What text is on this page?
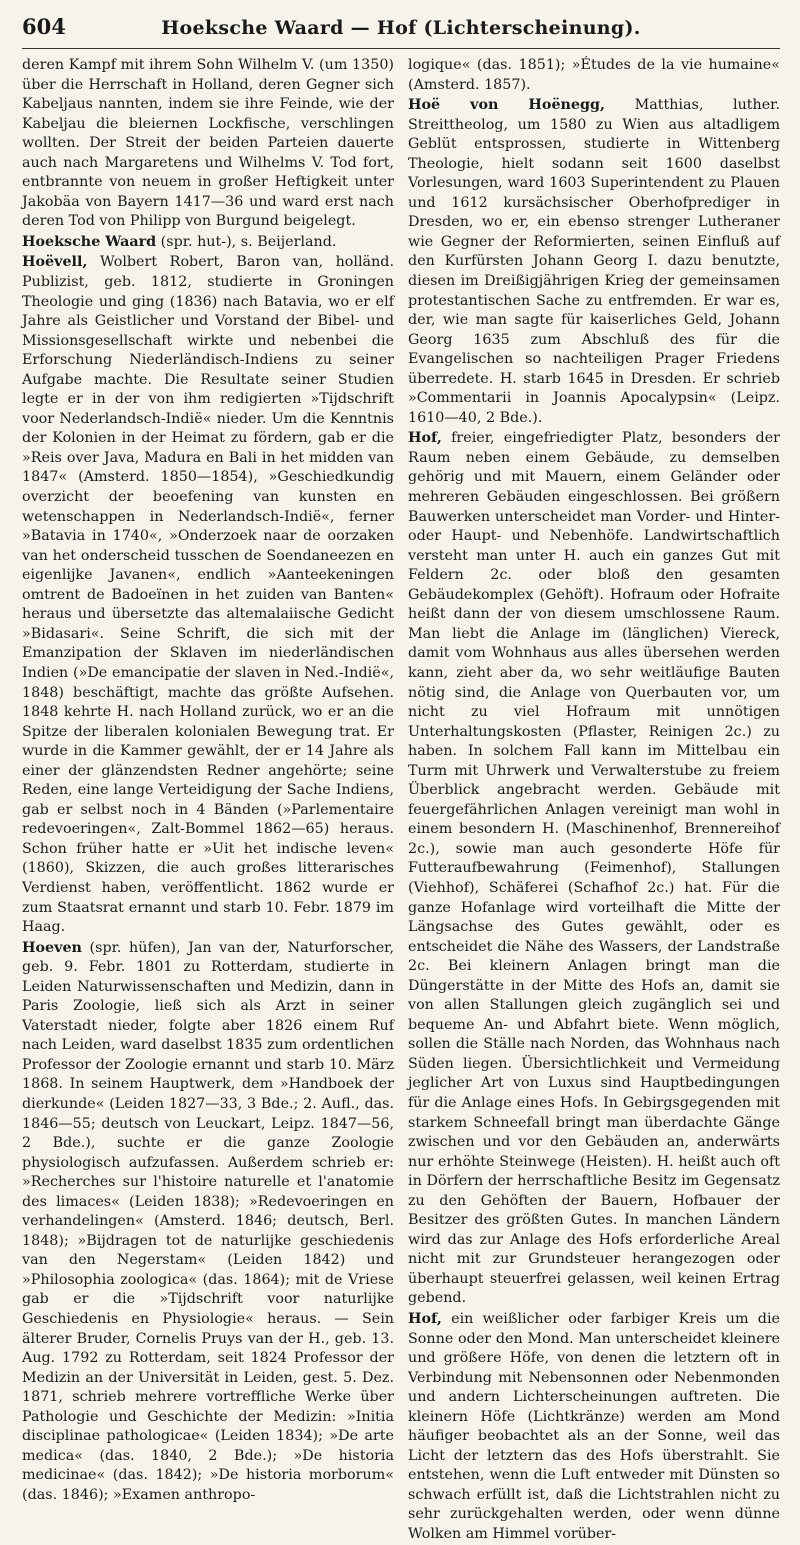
604	Hoeksche Waard — Hof (Lichterscheinung).

deren Kampf mit ihrem Sohn Wilhelm V. (um 1350) über die Herrschaft in Holland, deren Gegner sich Kabeljaus nannten, indem sie ihre Feinde, wie der Kabeljau die bleiernen Lockfische, verschlingen wollten. Der Streit der beiden Parteien dauerte auch nach Margaretens und Wilhelms V. Tod fort, entbrannte von neuem in großer Heftigkeit unter Jakobäa von Bayern 1417—36 und ward erst nach deren Tod von Philipp von Burgund beigelegt.

Hoeksche Waard (spr. hut-), s. Beijerland.

Hoëvell, Wolbert Robert, Baron van, holländ. Publizist, geb. 1812, studierte in Groningen Theologie und ging (1836) nach Batavia, wo er elf Jahre als Geistlicher und Vorstand der Bibel- und Missionsgesellschaft wirkte und nebenbei die Erforschung Niederländisch-Indiens zu seiner Aufgabe machte. Die Resultate seiner Studien legte er in der von ihm redigierten »Tijdschrift voor Nederlandsch-Indië« nieder. Um die Kenntnis der Kolonien in der Heimat zu fördern, gab er die »Reis over Java, Madura en Bali in het midden van 1847« (Amsterd. 1850—1854), »Geschiedkundig overzicht der beoefening van kunsten en wetenschappen in Nederlandsch-Indië«, ferner »Batavia in 1740«, »Onderzoek naar de oorzaken van het onderscheid tusschen de Soendaneezen en eigenlijke Javanen«, endlich »Aanteekeningen omtrent de Badoeïnen in het zuiden van Banten« heraus und übersetzte das altemalaiische Gedicht »Bidasari«. Seine Schrift, die sich mit der Emanzipation der Sklaven im niederländischen Indien (»De emancipatie der slaven in Ned.-Indië«, 1848) beschäftigt, machte das größte Aufsehen. 1848 kehrte H. nach Holland zurück, wo er an die Spitze der liberalen kolonialen Bewegung trat. Er wurde in die Kammer gewählt, der er 14 Jahre als einer der glänzendsten Redner angehörte; seine Reden, eine lange Verteidigung der Sache Indiens, gab er selbst noch in 4 Bänden (»Parlementaire redevoeringen«, Zalt-Bommel 1862—65) heraus. Schon früher hatte er »Uit het indische leven« (1860), Skizzen, die auch großes litterarisches Verdienst haben, veröffentlicht. 1862 wurde er zum Staatsrat ernannt und starb 10. Febr. 1879 im Haag.

Hoeven (spr. hüfen), Jan van der, Naturforscher, geb. 9. Febr. 1801 zu Rotterdam, studierte in Leiden Naturwissenschaften und Medizin, dann in Paris Zoologie, ließ sich als Arzt in seiner Vaterstadt nieder, folgte aber 1826 einem Ruf nach Leiden, ward daselbst 1835 zum ordentlichen Professor der Zoologie ernannt und starb 10. März 1868. In seinem Hauptwerk, dem »Handboek der dierkunde« (Leiden 1827—33, 3 Bde.; 2. Aufl., das. 1846—55; deutsch von Leuckart, Leipz. 1847—56, 2 Bde.), suchte er die ganze Zoologie physiologisch aufzufassen. Außerdem schrieb er: »Recherches sur l'histoire naturelle et l'anatomie des limaces« (Leiden 1838); »Redevoeringen en verhandelingen« (Amsterd. 1846; deutsch, Berl. 1848); »Bijdragen tot de naturlijke geschiedenis van den Negerstam« (Leiden 1842) und »Philosophia zoologica« (das. 1864); mit de Vriese gab er die »Tijdschrift voor naturlijke Geschiedenis en Physiologie« heraus. — Sein älterer Bruder, Cornelis Pruys van der H., geb. 13. Aug. 1792 zu Rotterdam, seit 1824 Professor der Medizin an der Universität in Leiden, gest. 5. Dez. 1871, schrieb mehrere vortreffliche Werke über Pathologie und Geschichte der Medizin: »Initia disciplinae pathologicae« (Leiden 1834); »De arte medica« (das. 1840, 2 Bde.); »De historia medicinae« (das. 1842); »De historia morborum« (das. 1846); »Examen anthropo-

logique« (das. 1851); »Études de la vie humaine« (Amsterd. 1857).

Hoë von Hoënegg, Matthias, luther. Streittheolog, um 1580 zu Wien aus altadligem Geblüt entsprossen, studierte in Wittenberg Theologie, hielt sodann seit 1600 daselbst Vorlesungen, ward 1603 Superintendent zu Plauen und 1612 kursächsischer Oberhofprediger in Dresden, wo er, ein ebenso strenger Lutheraner wie Gegner der Reformierten, seinen Einfluß auf den Kurfürsten Johann Georg I. dazu benutzte, diesen im Dreißigjährigen Krieg der gemeinsamen protestantischen Sache zu entfremden. Er war es, der, wie man sagte für kaiserliches Geld, Johann Georg 1635 zum Abschluß des für die Evangelischen so nachteiligen Prager Friedens überredete. H. starb 1645 in Dresden. Er schrieb »Commentarii in Joannis Apocalypsin« (Leipz. 1610—40, 2 Bde.).

Hof, freier, eingefriedigter Platz, besonders der Raum neben einem Gebäude, zu demselben gehörig und mit Mauern, einem Geländer oder mehreren Gebäuden eingeschlossen. Bei größern Bauwerken unterscheidet man Vorder- und Hinter- oder Haupt- und Nebenhöfe. Landwirtschaftlich versteht man unter H. auch ein ganzes Gut mit Feldern 2c. oder bloß den gesamten Gebäudekomplex (Gehöft). Hofraum oder Hofraite heißt dann der von diesem umschlossene Raum. Man liebt die Anlage im (länglichen) Viereck, damit vom Wohnhaus aus alles übersehen werden kann, zieht aber da, wo sehr weitläufige Bauten nötig sind, die Anlage von Querbauten vor, um nicht zu viel Hofraum mit unnötigen Unterhaltungskosten (Pflaster, Reinigen 2c.) zu haben. In solchem Fall kann im Mittelbau ein Turm mit Uhrwerk und Verwalterstube zu freiem Überblick angebracht werden. Gebäude mit feuergefährlichen Anlagen vereinigt man wohl in einem besondern H. (Maschinenhof, Brennereihof 2c.), sowie man auch gesonderte Höfe für Futteraufbewahrung (Feimenhof), Stallungen (Viehhof), Schäferei (Schafhof 2c.) hat. Für die ganze Hofanlage wird vorteilhaft die Mitte der Längsachse des Gutes gewählt, oder es entscheidet die Nähe des Wassers, der Landstraße 2c. Bei kleinern Anlagen bringt man die Düngerstätte in der Mitte des Hofs an, damit sie von allen Stallungen gleich zugänglich sei und bequeme An- und Abfahrt biete. Wenn möglich, sollen die Ställe nach Norden, das Wohnhaus nach Süden liegen. Übersichtlichkeit und Vermeidung jeglicher Art von Luxus sind Hauptbedingungen für die Anlage eines Hofs. In Gebirgsgegenden mit starkem Schneefall bringt man überdachte Gänge zwischen und vor den Gebäuden an, anderwärts nur erhöhte Steinwege (Heisten). H. heißt auch oft in Dörfern der herrschaftliche Besitz im Gegensatz zu den Gehöften der Bauern, Hofbauer der Besitzer des größten Gutes. In manchen Ländern wird das zur Anlage des Hofs erforderliche Areal nicht mit zur Grundsteuer herangezogen oder überhaupt steuerfrei gelassen, weil keinen Ertrag gebend.

Hof, ein weißlicher oder farbiger Kreis um die Sonne oder den Mond. Man unterscheidet kleinere und größere Höfe, von denen die letztern oft in Verbindung mit Nebensonnen oder Nebenmonden und andern Lichterscheinungen auftreten. Die kleinern Höfe (Lichtkränze) werden am Mond häufiger beobachtet als an der Sonne, weil das Licht der letztern das des Hofs überstrahlt. Sie entstehen, wenn die Luft entweder mit Dünsten so schwach erfüllt ist, daß die Lichtstrahlen nicht zu sehr zurückgehalten werden, oder wenn dünne Wolken am Himmel vorüber-
